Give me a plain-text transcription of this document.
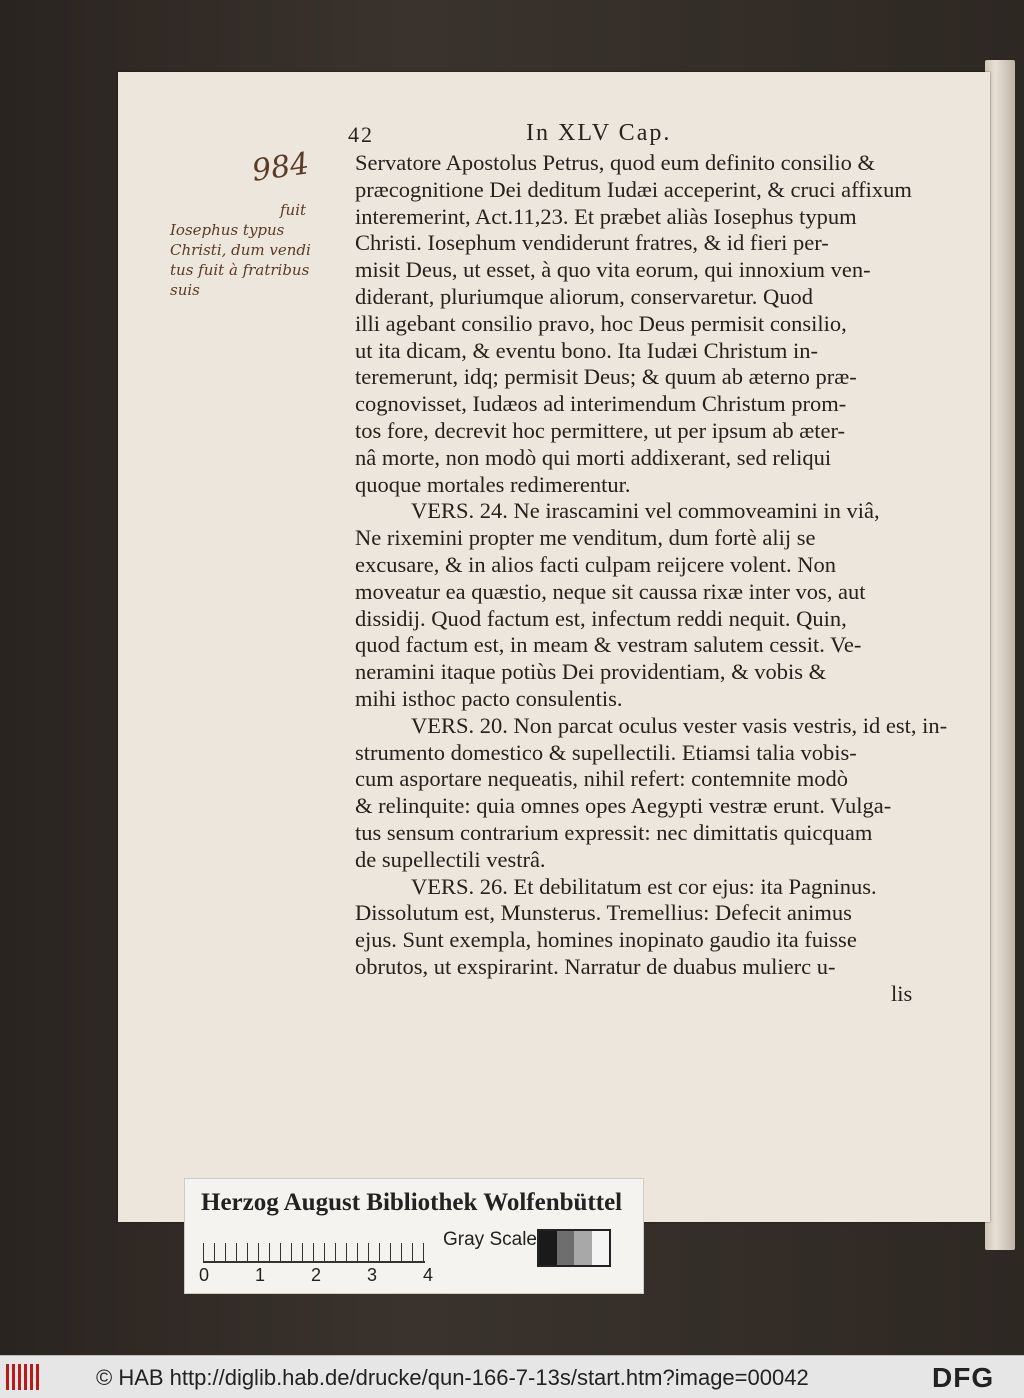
42	In XLV Cap.
984
fuit
Iosephus typus
Christi, dum vendi
tus fuit à fratribus
suis
Servatore Apostolus Petrus, quod eum definito consilio &
præcognitione Dei deditum Iudæi acceperint, & cruci affixum
interemerint, Act.11,23. Et præbet aliàs Iosephus typum
Christi. Iosephum vendiderunt fratres, & id fieri per-
misit Deus, ut esset, à quo vita eorum, qui innoxium ven-
diderant, pluriumque aliorum, conservaretur. Quod
illi agebant consilio pravo, hoc Deus permisit consilio,
ut ita dicam, & eventu bono. Ita Iudæi Christum in-
teremerunt, idq; permisit Deus; & quum ab æterno præ-
cognovisset, Iudæos ad interimendum Christum prom-
tos fore, decrevit hoc permittere, ut per ipsum ab æter-
nâ morte, non modò qui morti addixerant, sed reliqui
quoque mortales redimerentur.
VERS. 24. Ne irascamini vel commoveamini in viâ,
Ne rixemini propter me venditum, dum fortè alij se
excusare, & in alios facti culpam reijcere volent. Non
moveatur ea quæstio, neque sit caussa rixæ inter vos, aut
dissidij. Quod factum est, infectum reddi nequit. Quin,
quod factum est, in meam & vestram salutem cessit. Ve-
neramini itaque potiùs Dei providentiam, & vobis &
mihi isthoc pacto consulentis.
VERS. 20. Non parcat oculus vester vasis vestris, id est, in-
strumento domestico & supellectili. Etiamsi talia vobis-
cum asportare nequeatis, nihil refert: contemnite modò
& relinquite: quia omnes opes Aegypti vestræ erunt. Vulga-
tus sensum contrarium expressit: nec dimittatis quicquam
de supellectili vestrâ.
VERS. 26. Et debilitatum est cor ejus: ita Pagninus.
Dissolutum est, Munsterus. Tremellius: Defecit animus
ejus. Sunt exempla, homines inopinato gaudio ita fuisse
obrutos, ut exspirarint. Narratur de duabus mulierc u-
lis
Herzog August Bibliothek Wolfenbüttel
0	1	2	3	4
Gray Scale
© HAB http://diglib.hab.de/drucke/qun-166-7-13s/start.htm?image=00042	DFG
